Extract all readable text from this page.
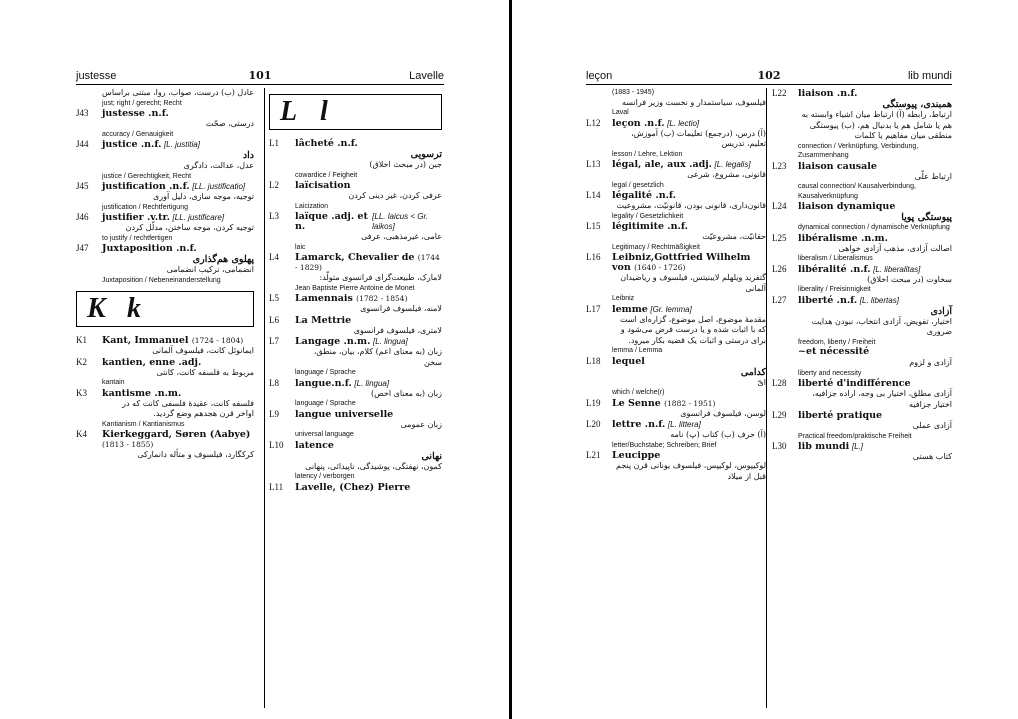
justesse	101	Lavelle
عادل (ب) درست، صواب، روا، مبتنی براساس
just; right / gerecht; Recht
J43	justesse .n.f.
درستی، صحّت
accuracy / Genauigkeit
J44	justice .n.f.
[L. justitia]
داد
عدل، عدالت، دادگری
justice / Gerechtigkeit, Recht
J45	justification .n.f.
[LL. justificatio]
توجیه، موجه سازی، دلیل آوری
justification / Rechtfertigung
J46	justifier .v.tr.
[LL. justificare]
توجیه کردن، موجه ساختن، مدلّل کردن
to justify / rechtfertigen
J47	Juxtaposition .n.f.
پهلوی هم‌گذاری
انضمامی، ترکیب انضمامی
Juxtaposition / Nebeneinanderstellung
K k
K1	Kant, Immanuel (1724 - 1804)
ایمانوئل کانت، فیلسوف آلمانی
K2	kantien, enne .adj.
مربوط به فلسفه کانت، کانتی
kantain
K3	kantisme .n.m.
فلسفه کانت، عقیدهٔ فلسفی کانت که در اواخر قرن هجدهم وضع گردید.
Kantianism / Kantianismus
K4	Kierkeggard, Søren (Aabye) (1813 - 1855)
کرکگارد، فیلسوف و متأله دانمارکی
L l
L1	lâcheté .n.f.
ترسویی
جبن (در مبحث اخلاق)
cowardice / Feigheit
L2	laïcisation
عرفی کردن، غیر دینی کردن
Laicization
L3	laïque .adj. et n.

[LL. laicus < Gr. laikos]
عامی، غیرمذهبی، عرفی
laic
L4	Lamarck, Chevalier de (1744 - 1829)
لامارک، طبیعت‌گرای فرانسوی متولّد:
Jean Baptiste Pierre Antoine de Monet
L5	Lamennais (1782 - 1854)
لامنه، فیلسوف فرانسوی
L6	La Mettrie
لامتری، فیلسوف فرانسوی
L7	Langage .n.m.
[L. lingua]
زبان (به معنای اعم) کلام، بیان، منطق، سخن
language / Sprache
L8	langue.n.f.
[L. lingua]
زبان (به معنای اخص)
language / Sprache
L9	langue universelle
زبان عمومی
universal language
L10	latence
نهانی
کمون، نهفتگی، پوشیدگی، ناپیدائی، پنهانی
latency / verborgen
L11	Lavelle, (Chez) Pierre
leçon	102	lib mundi
(1883 - 1945)
فیلسوف، سیاستمدار و نخست وزیر فرانسه
Laval
L12	leçon .n.f.
[L. lectio]
(آ) درس، (درجمع) تعلیمات (ب) آموزش، تعلیم، تدریس
lesson / Lehre, Lektion
L13	légal, ale, aux .adj.
[L. legalis]
قانونی، مشروع، شرعی
legal / gesetzlich
L14	légalité .n.f.
قانون‌داری، قانونی بودن، قانونیّت، مشروعیت
legality / Gesetzlichkeit
L15	légitimite .n.f.
حقانیّت، مشروعیّت
Legitimacy / Rechtmäßigkeit
L16	Leibniz,Gottfried Wilhelm von (1640 - 1726)
گتفرید ویلهلم لایبنیتس، فیلسوف و ریاضیدان آلمانی
Leibniz
L17	lemme
[Gr. lemma]
مقدمهٔ موضوع، اصل موضوع، گزاره‌ای است که با اثبات شده و یا درست فرض می‌شود و برای درستی و اثبات یک قضیه بکار میرود.
lemma / Lemma
L18	lequel
کدامی
ایّ
which / welche(r)
L19	Le Senne (1882 - 1951)
لوسن، فیلسوف فرانسوی
L20	lettre .n.f.
[L. littera]
(آ) حرف (ب) کتاب (پ) نامه
letter/Buchstabe; Schreiben; Brief
L21	Leucippe
لوکیپوس، لوکیپس، فیلسوف یونانی قرن پنجم قبل از میلاد
L22	liaison .n.f.
همبندی، پیوستگی
ارتباط، رابطه (آ) ارتباط میان اشیاء وابسته به هم یا شامل هم یا بدنبال هم، (ب) پیوستگی منطقی میان مفاهیم یا کلمات
connection / Verknüpfung, Verbindung, Zusammenhang
L23	liaison causale
ارتباط علّی
causal connection/ Kausalverbindung, Kausalverknüpfung
L24	liaison dynamique
پیوستگی پویا
dynamical connection / dynamische Verknüpfung
L25	libéralisme .n.m.
اصالت آزادی، مذهب آزادی خواهی
liberalism / Liberalismus
L26	libéralité .n.f.
[L. liberalitas]
سخاوت (در مبحث اخلاق)
liberality / Freisinnigkeit
L27	liberté .n.f.
[L. libertas]
آزادی
اختیار، تفویض، آزادی انتخاب، نبودن هدایت ضروری
freedom, liberty / Freiheit
~et nécessité
آزادی و لزوم
liberty and necessity
L28	liberté d'indifférence
آزادی مطلق، اختیار بی وجه، اراده جزافیه، اختیار جزافیه
L29	liberté pratique
آزادی عملی
Practical freedom/praktische Freiheit
L30	lib mundi
[L.]
کتاب هستی
